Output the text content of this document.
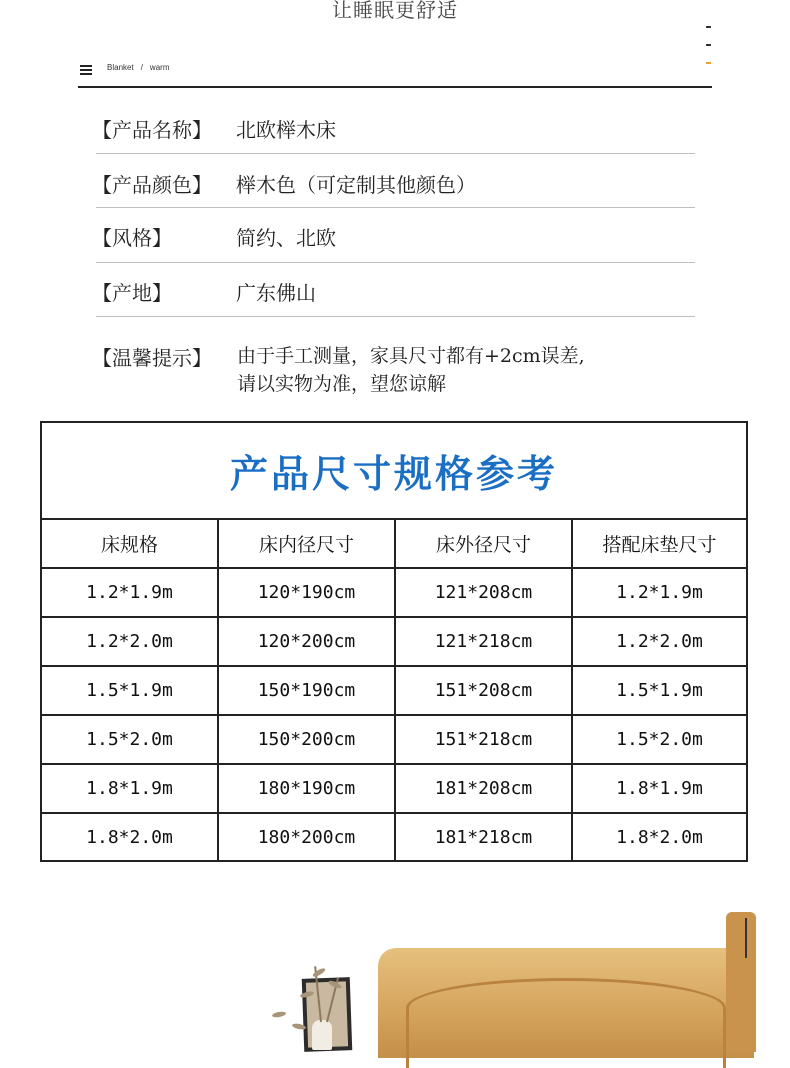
让睡眠更舒适
Blanket / warm
【产品名称】 北欧榉木床
【产品颜色】 榉木色（可定制其他颜色）
【风格】	简约、北欧
【产地】	广东佛山
【温馨提示】 由于手工测量，家具尺寸都有+2cm误差,
请以实物为准，望您谅解
产品尺寸规格参考
床规格	床内径尺寸	床外径尺寸	搭配床垫尺寸
1.2*1.9m	120*190cm	121*208cm	1.2*1.9m
1.2*2.0m	120*200cm	121*218cm	1.2*2.0m
1.5*1.9m	150*190cm	151*208cm	1.5*1.9m
1.5*2.0m	150*200cm	151*218cm	1.5*2.0m
1.8*1.9m	180*190cm	181*208cm	1.8*1.9m
1.8*2.0m	180*200cm	181*218cm	1.8*2.0m
